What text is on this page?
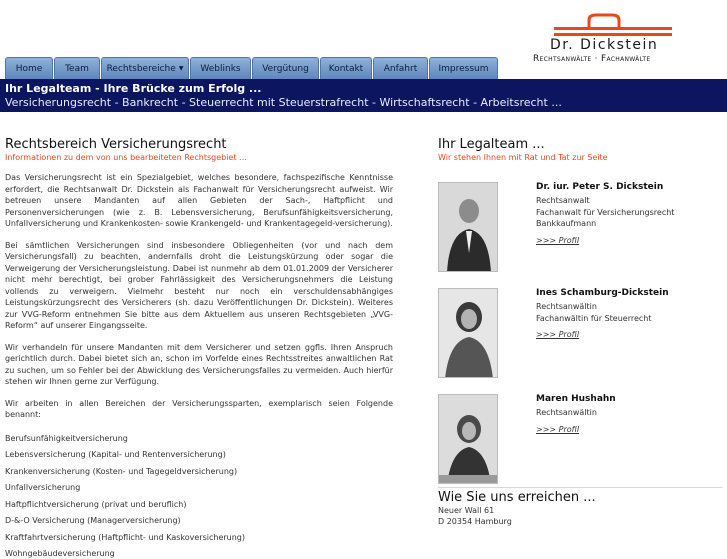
Dr. Dickstein
Rechtsanwälte · Fachanwälte
Home	Team Rechtsbereiche ▼ Weblinks Vergütung Kontakt Anfahrt Impressum
Ihr Legalteam - Ihre Brücke zum Erfolg ...
Versicherungsrecht - Bankrecht - Steuerrecht mit Steuerstrafrecht - Wirtschaftsrecht - Arbeitsrecht ...
Rechtsbereich Versicherungsrecht

Informationen zu dem von uns bearbeiteten Rechtsgebiet ...

Das Versicherungsrecht ist ein Spezialgebiet, welches besondere, fachspezifische Kenntnisse erfordert, die Rechtsanwalt Dr. Dickstein als Fachanwalt für Versicherungsrecht aufweist. Wir betreuen unsere Mandanten auf allen Gebieten der Sach-, Haftpflicht und Personenversicherungen (wie z. B. Lebensversicherung, Berufsunfähigkeitsversicherung, Unfallversicherung und Krankenkosten- sowie Krankengeld- und Krankentagegeld-versicherung).

Bei sämtlichen Versicherungen sind insbesondere Obliegenheiten (vor und nach dem Versicherungsfall) zu beachten, andernfalls droht die Leistungskürzung oder sogar die Verweigerung der Versicherungsleistung. Dabei ist nunmehr ab dem 01.01.2009 der Versicherer nicht mehr berechtigt, bei grober Fahrlässigkeit des Versicherungsnehmers die Leistung vollends zu verweigern. Vielmehr besteht nur noch ein verschuldensabhängiges Leistungskürzungsrecht des Versicherers (sh. dazu Veröffentlichungen Dr. Dickstein). Weiteres zur VVG-Reform entnehmen Sie bitte aus dem Aktuellem aus unseren Rechtsgebieten „VVG-Reform“ auf unserer Eingangsseite.

Wir verhandeln für unsere Mandanten mit dem Versicherer und setzen ggfls. Ihren Anspruch gerichtlich durch. Dabei bietet sich an, schon im Vorfelde eines Rechtsstreites anwaltlichen Rat zu suchen, um so Fehler bei der Abwicklung des Versicherungsfalles zu vermeiden. Auch hierfür stehen wir Ihnen gerne zur Verfügung.

Wir arbeiten in allen Bereichen der Versicherungssparten, exemplarisch seien Folgende benannt:

Berufsunfähigkeitversicherung

Lebensversicherung (Kapital- und Rentenversicherung)

Krankenversicherung (Kosten- und Tagegeldversicherung)

Unfallversicherung

Haftpflichtversicherung (privat und beruflich)

D-&-O Versicherung (Managerversicherung)

Kraftfahrtversicherung (Haftpflicht- und Kaskoversicherung)

Wohngebäudeversicherung

Ihr Legalteam ...

Wir stehen Ihnen mit Rat und Tat zur Seite

Dr. iur. Peter S. Dickstein

Rechtsanwalt

Fachanwalt für Versicherungsrecht

Bankkaufmann

>>> Profil

Ines Schamburg-Dickstein

Rechtsanwältin

Fachanwältin für Steuerrecht

>>> Profil

Maren Hushahn

Rechtsanwältin

>>> Profil
Wie Sie uns erreichen ...

Neuer Wall 61

D 20354 Hamburg
